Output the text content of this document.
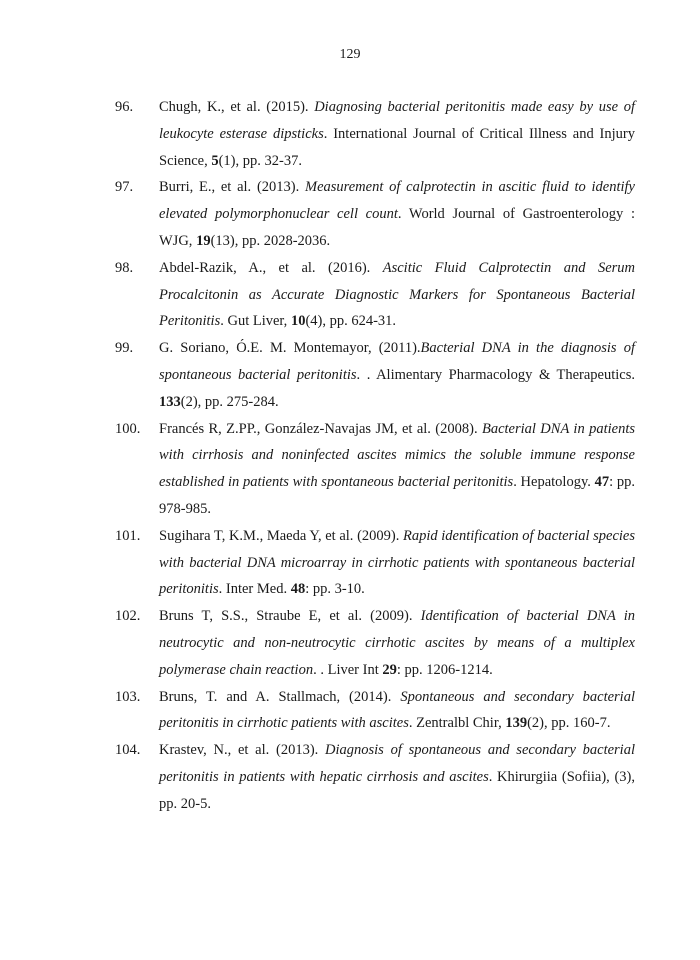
129
96. Chugh, K., et al. (2015). Diagnosing bacterial peritonitis made easy by use of leukocyte esterase dipsticks. International Journal of Critical Illness and Injury Science, 5(1), pp. 32-37.
97. Burri, E., et al. (2013). Measurement of calprotectin in ascitic fluid to identify elevated polymorphonuclear cell count. World Journal of Gastroenterology : WJG, 19(13), pp. 2028-2036.
98. Abdel-Razik, A., et al. (2016). Ascitic Fluid Calprotectin and Serum Procalcitonin as Accurate Diagnostic Markers for Spontaneous Bacterial Peritonitis. Gut Liver, 10(4), pp. 624-31.
99. G. Soriano, Ó.E. M. Montemayor, (2011).Bacterial DNA in the diagnosis of spontaneous bacterial peritonitis. . Alimentary Pharmacology & Therapeutics. 133(2), pp. 275-284.
100. Francés R, Z.PP., González-Navajas JM, et al. (2008). Bacterial DNA in patients with cirrhosis and noninfected ascites mimics the soluble immune response established in patients with spontaneous bacterial peritonitis. Hepatology. 47: pp. 978-985.
101. Sugihara T, K.M., Maeda Y, et al. (2009). Rapid identification of bacterial species with bacterial DNA microarray in cirrhotic patients with spontaneous bacterial peritonitis. Inter Med. 48: pp. 3-10.
102. Bruns T, S.S., Straube E, et al. (2009). Identification of bacterial DNA in neutrocytic and non-neutrocytic cirrhotic ascites by means of a multiplex polymerase chain reaction. . Liver Int 29: pp. 1206-1214.
103. Bruns, T. and A. Stallmach, (2014). Spontaneous and secondary bacterial peritonitis in cirrhotic patients with ascites. Zentralbl Chir, 139(2), pp. 160-7.
104. Krastev, N., et al. (2013). Diagnosis of spontaneous and secondary bacterial peritonitis in patients with hepatic cirrhosis and ascites. Khirurgiia (Sofiia), (3), pp. 20-5.
